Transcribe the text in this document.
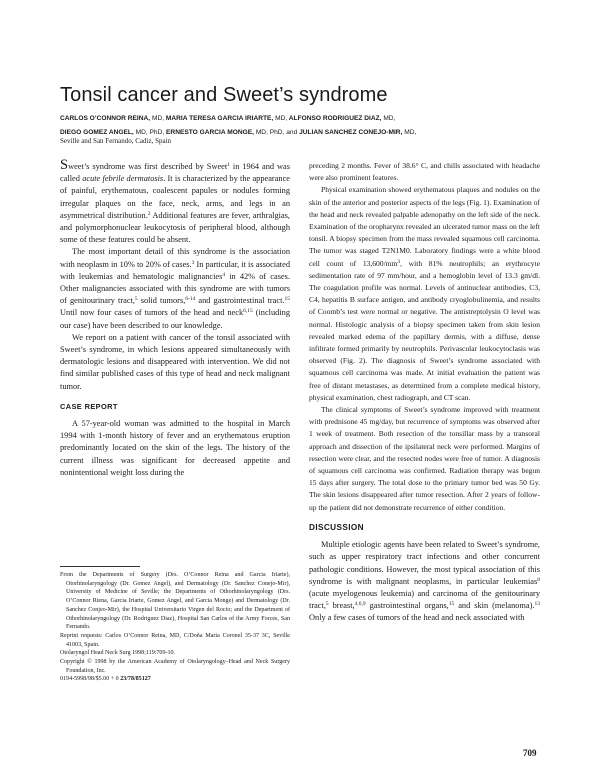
Tonsil cancer and Sweet’s syndrome
CARLOS O’CONNOR REINA, MD, MARIA TERESA GARCIA IRIARTE, MD, ALFONSO RODRIGUEZ DIAZ, MD,
DIEGO GOMEZ ANGEL, MD, PhD, ERNESTO GARCIA MONGE, MD, PhD, and JULIAN SANCHEZ CONEJO-MIR, MD,
Seville and San Fernando, Cadiz, Spain

Sweet’s syndrome was first described by Sweet$^1$ in 1964 and was called acute febrile dermatosis. It is characterized by the appearance of painful, erythematous, coalescent papules or nodules forming irregular plaques on the face, neck, arms, and legs in an asymmetrical distribution.$^2$ Additional features are fever, arthralgias, and polymorphonuclear leukocytosis of peripheral blood, although some of these features could be absent.

The most important detail of this syndrome is the association with neoplasm in 10% to 20% of cases.$^3$ In particular, it is associated with leukemias and hematologic malignancies$^4$ in 42% of cases. Other malignancies associated with this syndrome are with tumors of genitourinary tract,$^5$ solid tumors,$^{6-14}$ and gastrointestinal tract.$^{15}$ Until now four cases of tumors of the head and neck$^{6,15}$ (including our case) have been described to our knowledge.

We report on a patient with cancer of the tonsil associated with Sweet’s syndrome, in which lesions appeared simultaneously with dermatologic lesions and disappeared with intervention. We did not find similar published cases of this type of head and neck malignant tumor.

CASE REPORT

A 57-year-old woman was admitted to the hospital in March 1994 with 1-month history of fever and an erythematous eruption predominantly located on the skin of the legs. The history of the current illness was significant for decreased appetite and nonintentional weight loss during the

From the Departments of Surgery (Drs. O’Connor Reina and Garcia Iriarte), Otorhinolaryngology (Dr. Gomez Angel), and Dermatology (Dr. Sanchez Conejo-Mir), University of Medicine of Seville; the Departments of Othorhinolaryngology (Drs. O’Connor Riena, Garcia Iriarte, Gomez Angel, and Garcia Monge) and Dermatology (Dr. Sanchez Conjeo-Mir), the Hospital Universitario Virgen del Rocio; and the Department of Othorhinolaryngology (Dr. Rodriguez Diaz), Hospital San Carlos of the Army Forces, San Fernando.

Reprint requests: Carlos O’Connor Reina, MD, C/Doña Maria Coronel 35-37 3C, Seville 41003, Spain.

Otolaryngol Head Neck Surg 1998;119:709-10.

Copyright © 1998 by the American Academy of Otolaryngology–Head and Neck Surgery Foundation, Inc.

0194-5998/98/$5.00 + 0 23/78/85127

preceding 2 months. Fever of 38.6° C, and chills associated with headache were also prominent features.

Physical examination showed erythematous plaques and nodules on the skin of the anterior and posterior aspects of the legs (Fig. 1). Examination of the head and neck revealed palpable adenopathy on the left side of the neck. Examination of the oropharynx revealed an ulcerated tumor mass on the left tonsil. A biopsy specimen from the mass revealed squamous cell carcinoma. The tumor was staged T2N1M0. Laboratory findings were a white blood cell count of $13,600/mm^3$, with 81% neutrophils; an erythrocyte sedimentation rate of 97 mm/hour, and a hemoglobin level of 13.3 gm/dl. The coagulation profile was normal. Levels of antinuclear antibodies, C3, C4, hepatitis B surface antigen, and antibody cryoglobulinemia, and results of Coomb’s test were normal or negative. The antistreptolysin O level was normal. Histologic analysis of a biopsy specimen taken from skin lesion revealed marked edema of the papillary dermis, with a diffuse, dense infiltrate formed primarily by neutrophils. Perivascular leukocytoclasis was observed (Fig. 2). The diagnosis of Sweet’s syndrome associated with squamous cell carcinoma was made. At initial evaluation the patient was free of distant metastases, as determined from a complete medical history, physical examination, chest radiograph, and CT scan.

The clinical symptoms of Sweet’s syndrome improved with treatment with prednisone 45 mg/day, but recurrence of symptoms was observed after 1 week of treatment. Both resection of the tonsillar mass by a transoral approach and dissection of the ipsilateral neck were performed. Margins of resection were clear, and the resected nodes were free of tumor. A diagnosis of squamous cell carcinoma was confirmed. Radiation therapy was begun 15 days after surgery. The total dose to the primary tumor bed was 50 Gy. The skin lesions disappeared after tumor resection. After 2 years of follow-up the patient did not demonstrate recurrence of either condition.

DISCUSSION

Multiple etiologic agents have been related to Sweet’s syndrome, such as upper respiratory tract infections and other concurrent pathologic conditions. However, the most typical association of this syndrome is with malignant neoplasms, in particular leukemias$^8$ (acute myelogenous leukemia) and carcinoma of the genitourinary tract,$^5$ breast,$^{4,6,9}$ gastrointestinal organs,$^{15}$ and skin (melanoma).$^{13}$ Only a few cases of tumors of the head and neck associated with

709
